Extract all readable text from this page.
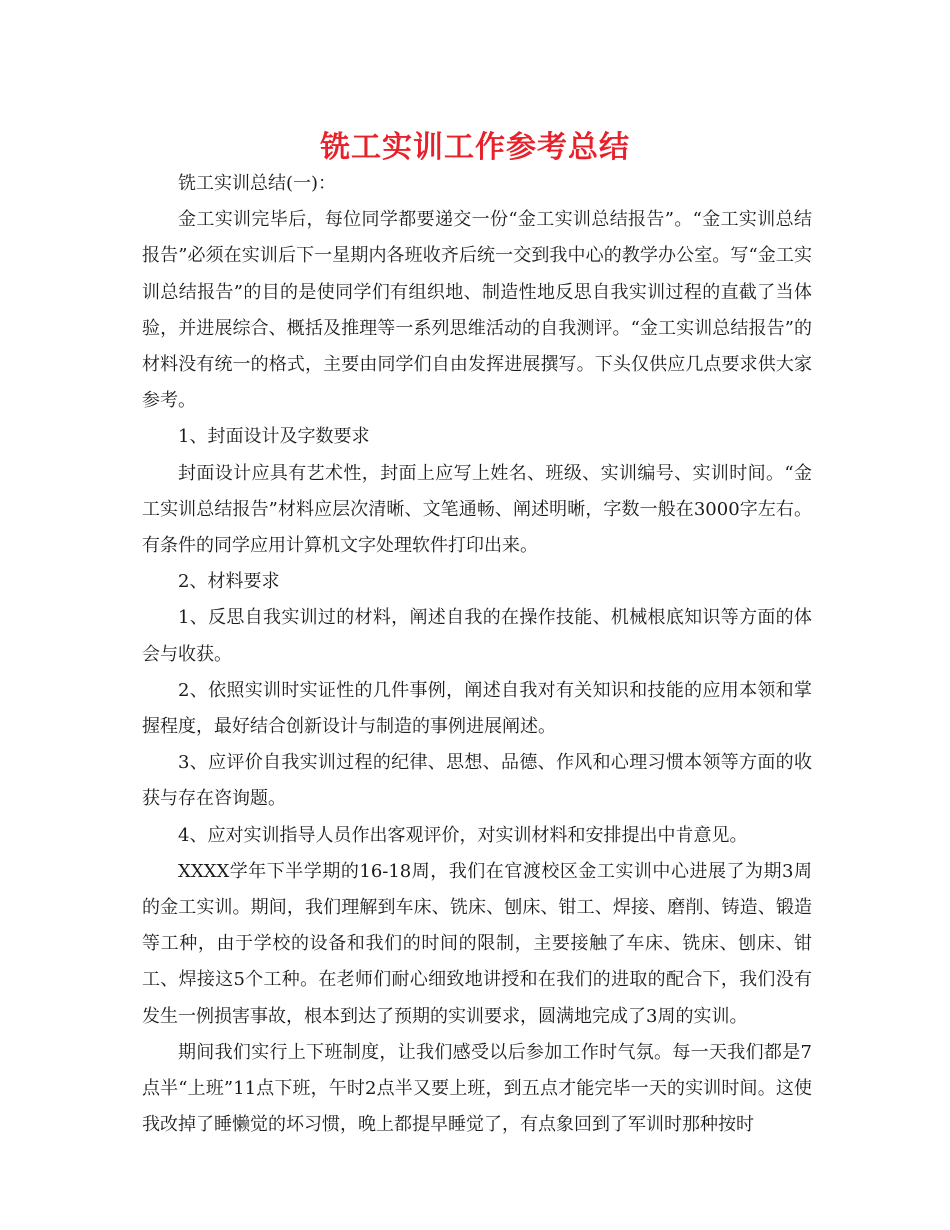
铣工实训工作参考总结

铣工实训总结(一)：

金工实训完毕后，每位同学都要递交一份“金工实训总结报告”。“金工实训总结报告”必须在实训后下一星期内各班收齐后统一交到我中心的教学办公室。写“金工实训总结报告”的目的是使同学们有组织地、制造性地反思自我实训过程的直截了当体验，并进展综合、概括及推理等一系列思维活动的自我测评。“金工实训总结报告”的材料没有统一的格式，主要由同学们自由发挥进展撰写。下头仅供应几点要求供大家参考。

1、封面设计及字数要求

封面设计应具有艺术性，封面上应写上姓名、班级、实训编号、实训时间。“金工实训总结报告”材料应层次清晰、文笔通畅、阐述明晰，字数一般在3000字左右。有条件的同学应用计算机文字处理软件打印出来。

2、材料要求

1、反思自我实训过的材料，阐述自我的在操作技能、机械根底知识等方面的体会与收获。

2、依照实训时实证性的几件事例，阐述自我对有关知识和技能的应用本领和掌握程度，最好结合创新设计与制造的事例进展阐述。

3、应评价自我实训过程的纪律、思想、品德、作风和心理习惯本领等方面的收获与存在咨询题。

4、应对实训指导人员作出客观评价，对实训材料和安排提出中肯意见。

XXXX学年下半学期的16-18周，我们在官渡校区金工实训中心进展了为期3周的金工实训。期间，我们理解到车床、铣床、刨床、钳工、焊接、磨削、铸造、锻造等工种，由于学校的设备和我们的时间的限制，主要接触了车床、铣床、刨床、钳工、焊接这5个工种。在老师们耐心细致地讲授和在我们的进取的配合下，我们没有发生一例损害事故，根本到达了预期的实训要求，圆满地完成了3周的实训。

期间我们实行上下班制度，让我们感受以后参加工作时气氛。每一天我们都是7点半“上班”11点下班，午时2点半又要上班，到五点才能完毕一天的实训时间。这使我改掉了睡懒觉的坏习惯，晚上都提早睡觉了，有点象回到了军训时那种按时
